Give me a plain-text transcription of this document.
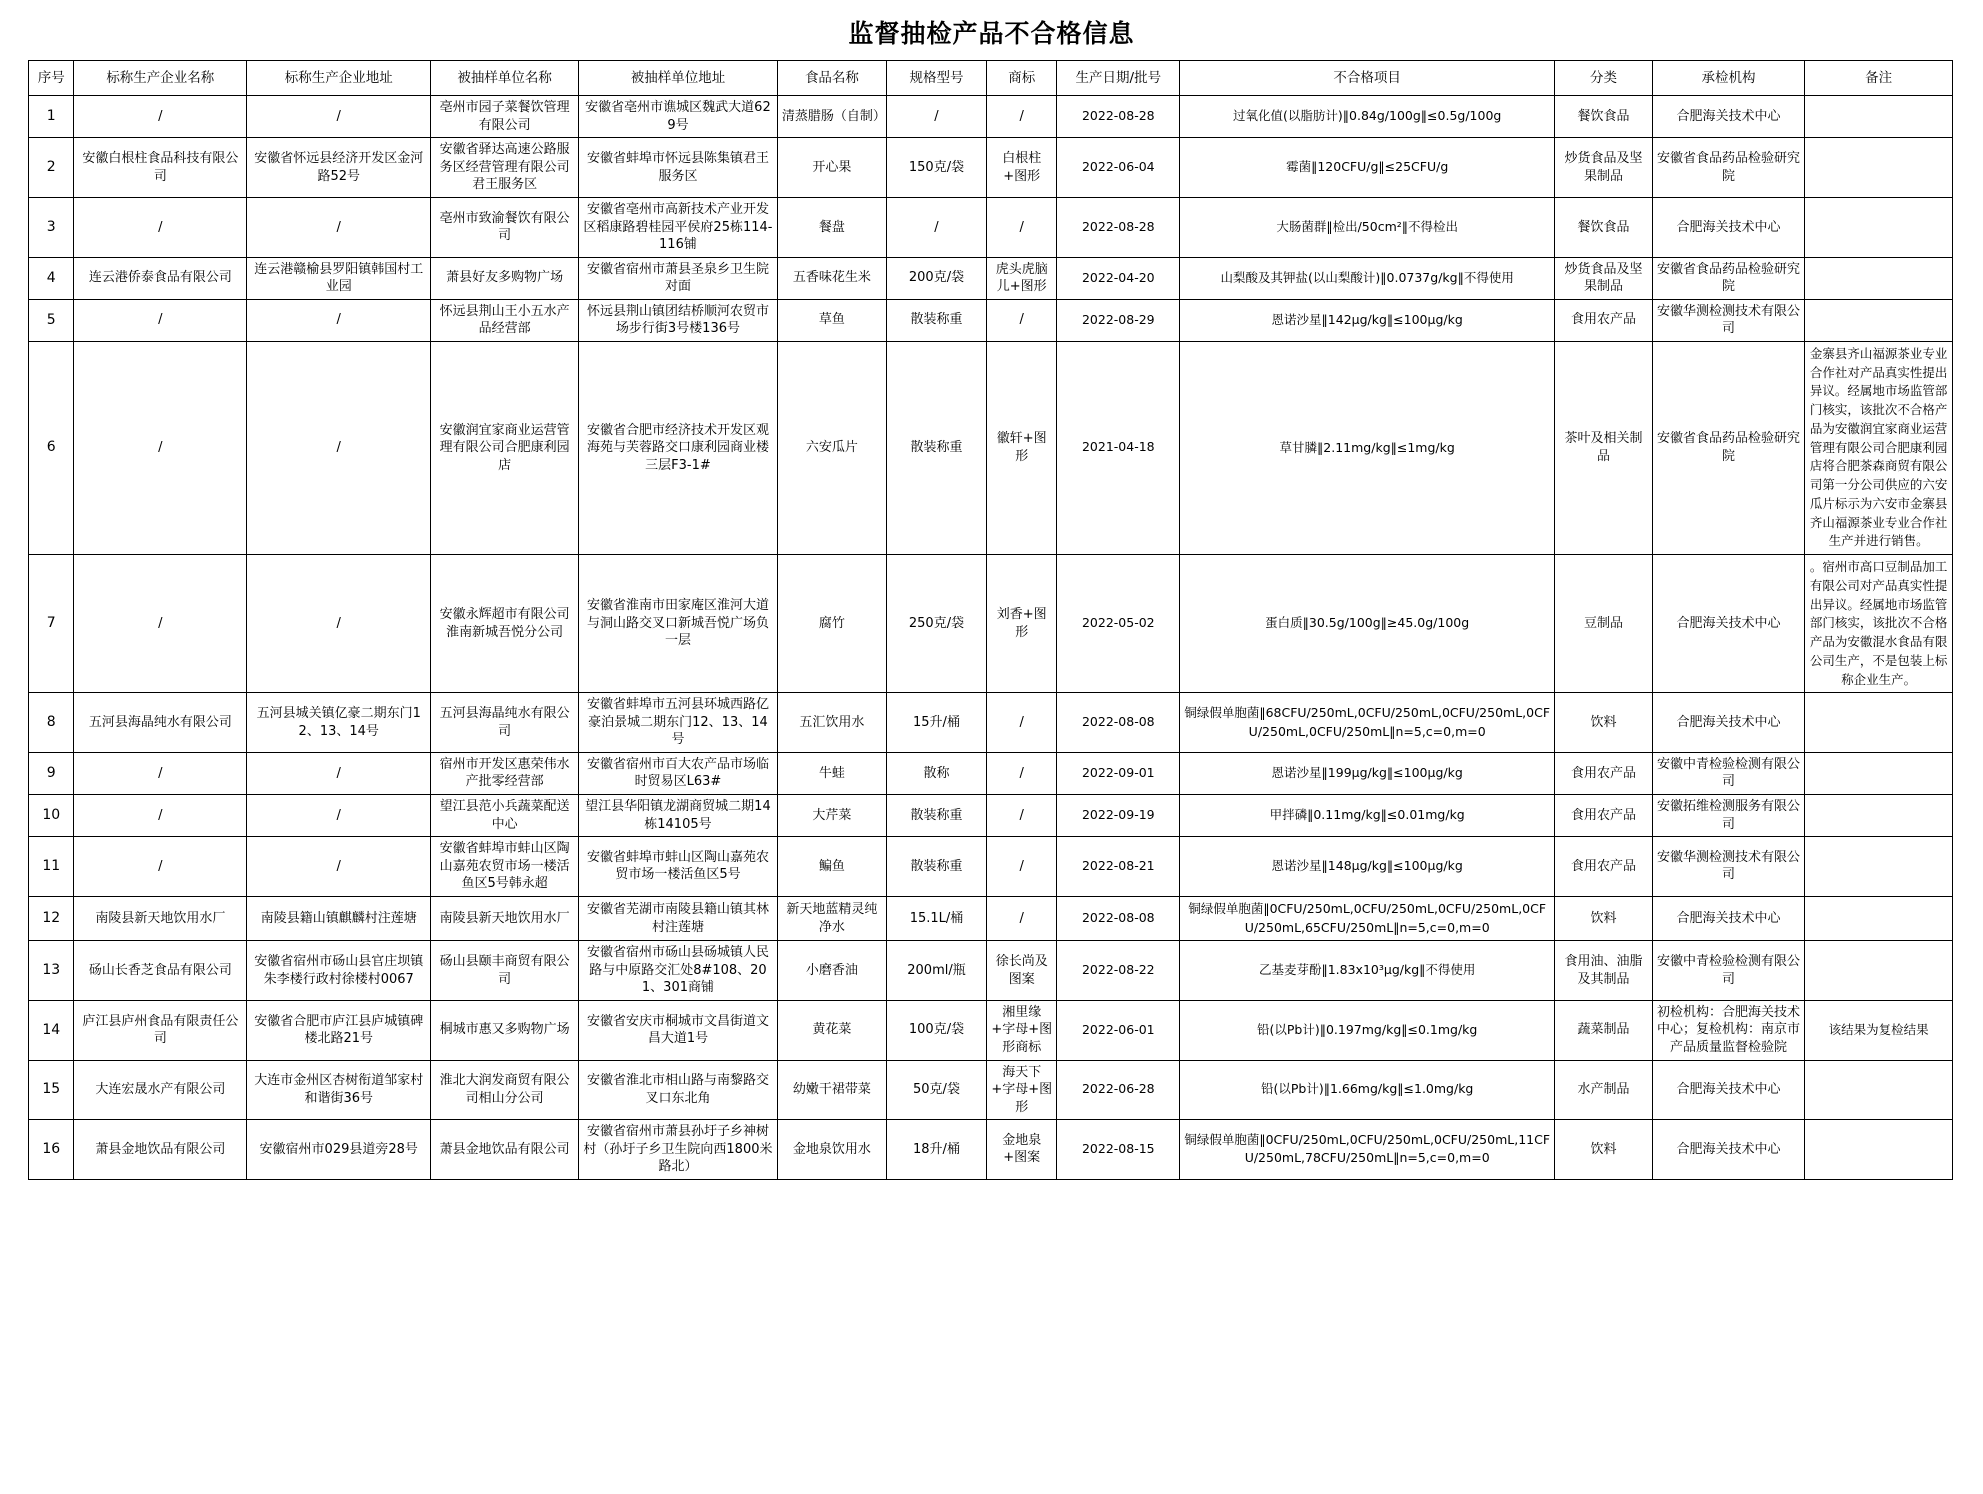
监督抽检产品不合格信息
序号	标称生产企业名称	标称生产企业地址	被抽样单位名称	被抽样单位地址	食品名称	规格型号	商标	生产日期/批号	不合格项目	分类	承检机构	备注
1	/	/	亳州市园子菜餐饮管理有限公司	安徽省亳州市谯城区魏武大道629号	清蒸腊肠（自制）	/	/	2022-08-28	过氧化值(以脂肪计)‖0.84g/100g‖≤0.5g/100g	餐饮食品	合肥海关技术中心	
2	安徽白根柱食品科技有限公司	安徽省怀远县经济开发区金河路52号	安徽省驿达高速公路服务区经营管理有限公司君王服务区	安徽省蚌埠市怀远县陈集镇君王服务区	开心果	150克/袋	白根柱+图形	2022-06-04	霉菌‖120CFU/g‖≤25CFU/g	炒货食品及坚果制品	安徽省食品药品检验研究院	
3	/	/	亳州市致渝餐饮有限公司	安徽省亳州市高新技术产业开发区稻康路碧桂园平侯府25栋114-116铺	餐盘	/	/	2022-08-28	大肠菌群‖检出/50cm²‖不得检出	餐饮食品	合肥海关技术中心	
4	连云港侨泰食品有限公司	连云港赣榆县罗阳镇韩国村工业园	萧县好友多购物广场	安徽省宿州市萧县圣泉乡卫生院对面	五香味花生米	200克/袋	虎头虎脑儿+图形	2022-04-20	山梨酸及其钾盐(以山梨酸计)‖0.0737g/kg‖不得使用	炒货食品及坚果制品	安徽省食品药品检验研究院	
5	/	/	怀远县荆山王小五水产品经营部	怀远县荆山镇团结桥顺河农贸市场步行街3号楼136号	草鱼	散装称重	/	2022-08-29	恩诺沙星‖142μg/kg‖≤100μg/kg	食用农产品	安徽华测检测技术有限公司	
6	/	/	安徽润宜家商业运营管理有限公司合肥康利园店	安徽省合肥市经济技术开发区观海苑与芙蓉路交口康利园商业楼三层F3-1#	六安瓜片	散装称重	徽轩+图形	2021-04-18	草甘膦‖2.11mg/kg‖≤1mg/kg	茶叶及相关制品	安徽省食品药品检验研究院	金寨县齐山福源茶业专业合作社对产品真实性提出异议。经属地市场监管部门核实，该批次不合格产品为安徽润宜家商业运营管理有限公司合肥康利园店将合肥茶森商贸有限公司第一分公司供应的六安瓜片标示为六安市金寨县齐山福源茶业专业合作社生产并进行销售。
7	/	/	安徽永辉超市有限公司淮南新城吾悦分公司	安徽省淮南市田家庵区淮河大道与洞山路交叉口新城吾悦广场负一层	腐竹	250克/袋	刘香+图形	2022-05-02	蛋白质‖30.5g/100g‖≥45.0g/100g	豆制品	合肥海关技术中心	。宿州市高口豆制品加工有限公司对产品真实性提出异议。经属地市场监管部门核实，该批次不合格产品为安徽混水食品有限公司生产，不是包装上标称企业生产。
8	五河县海晶纯水有限公司	五河县城关镇亿豪二期东门12、13、14号	五河县海晶纯水有限公司	安徽省蚌埠市五河县环城西路亿豪泊景城二期东门12、13、14号	五汇饮用水	15升/桶	/	2022-08-08	铜绿假单胞菌‖68CFU/250mL,0CFU/250mL,0CFU/250mL,0CFU/250mL,0CFU/250mL‖n=5,c=0,m=0	饮料	合肥海关技术中心	
9	/	/	宿州市开发区惠荣伟水产批零经营部	安徽省宿州市百大农产品市场临时贸易区L63#	牛蛙	散称	/	2022-09-01	恩诺沙星‖199μg/kg‖≤100μg/kg	食用农产品	安徽中青检验检测有限公司	
10	/	/	望江县范小兵蔬菜配送中心	望江县华阳镇龙湖商贸城二期14栋14105号	大芹菜	散装称重	/	2022-09-19	甲拌磷‖0.11mg/kg‖≤0.01mg/kg	食用农产品	安徽拓维检测服务有限公司	
11	/	/	安徽省蚌埠市蚌山区陶山嘉苑农贸市场一楼活鱼区5号韩永超	安徽省蚌埠市蚌山区陶山嘉苑农贸市场一楼活鱼区5号	鳊鱼	散装称重	/	2022-08-21	恩诺沙星‖148μg/kg‖≤100μg/kg	食用农产品	安徽华测检测技术有限公司	
12	南陵县新天地饮用水厂	南陵县籍山镇麒麟村注莲塘	南陵县新天地饮用水厂	安徽省芜湖市南陵县籍山镇其林村注莲塘	新天地蓝精灵纯净水	15.1L/桶	/	2022-08-08	铜绿假单胞菌‖0CFU/250mL,0CFU/250mL,0CFU/250mL,0CFU/250mL,65CFU/250mL‖n=5,c=0,m=0	饮料	合肥海关技术中心	
13	砀山长香芝食品有限公司	安徽省宿州市砀山县官庄坝镇朱李楼行政村徐楼村0067	砀山县颐丰商贸有限公司	安徽省宿州市砀山县砀城镇人民路与中原路交汇处8#108、201、301商铺	小磨香油	200ml/瓶	徐长尚及图案	2022-08-22	乙基麦芽酚‖1.83x10³μg/kg‖不得使用	食用油、油脂及其制品	安徽中青检验检测有限公司	
14	庐江县庐州食品有限责任公司	安徽省合肥市庐江县庐城镇碑楼北路21号	桐城市惠又多购物广场	安徽省安庆市桐城市文昌街道文昌大道1号	黄花菜	100克/袋	湘里缘+字母+图形商标	2022-06-01	铅(以Pb计)‖0.197mg/kg‖≤0.1mg/kg	蔬菜制品	初检机构：合肥海关技术中心；复检机构：南京市产品质量监督检验院	该结果为复检结果
15	大连宏晟水产有限公司	大连市金州区杏树衔道邹家村和谐街36号	淮北大润发商贸有限公司相山分公司	安徽省淮北市相山路与南黎路交叉口东北角	幼嫩干裙带菜	50克/袋	海天下+字母+图形	2022-06-28	铅(以Pb计)‖1.66mg/kg‖≤1.0mg/kg	水产制品	合肥海关技术中心	
16	萧县金地饮品有限公司	安徽宿州市029县道旁28号	萧县金地饮品有限公司	安徽省宿州市萧县孙圩子乡神树村（孙圩子乡卫生院向西1800米路北）	金地泉饮用水	18升/桶	金地泉+图案	2022-08-15	铜绿假单胞菌‖0CFU/250mL,0CFU/250mL,0CFU/250mL,11CFU/250mL,78CFU/250mL‖n=5,c=0,m=0	饮料	合肥海关技术中心	
